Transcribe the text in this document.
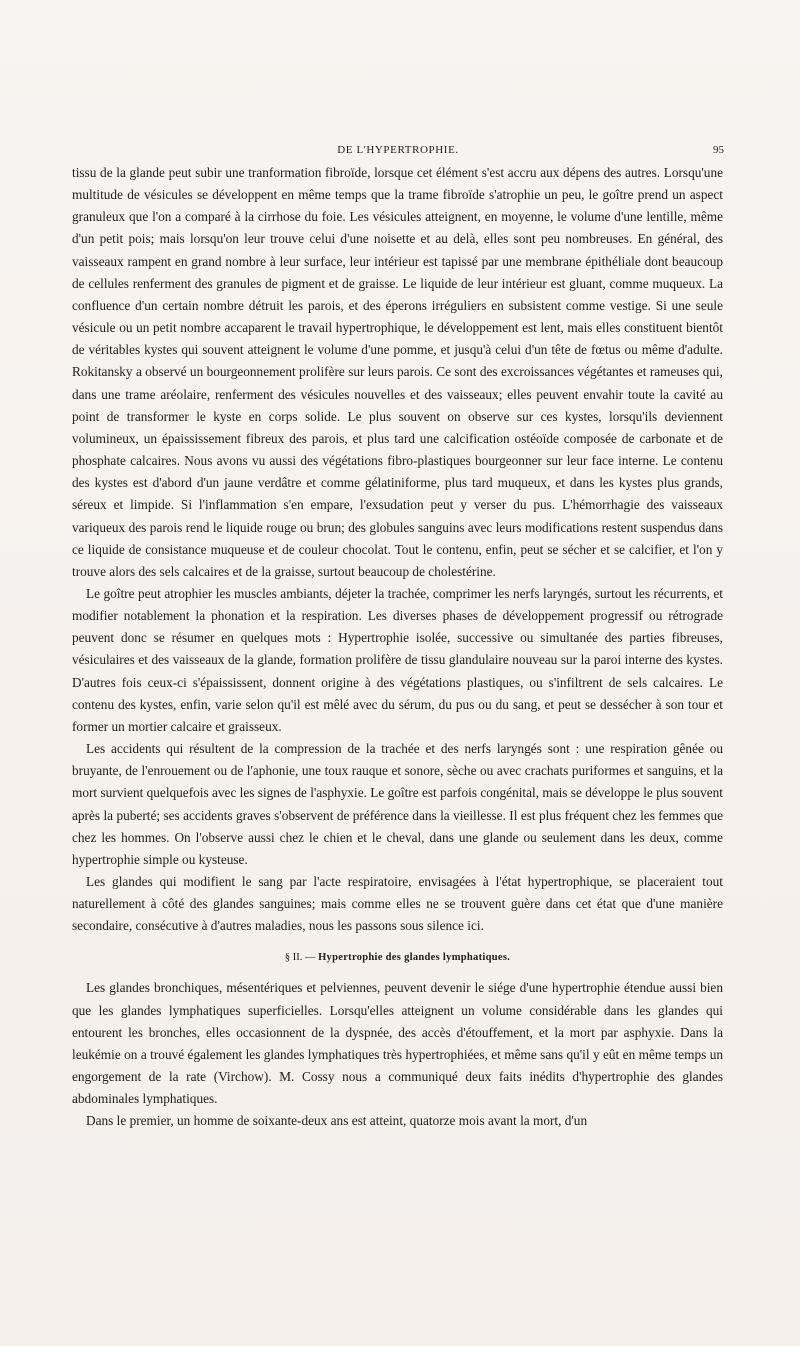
DE L'HYPERTROPHIE.	95

tissu de la glande peut subir une tranformation fibroïde, lorsque cet élément s'est accru aux dépens des autres. Lorsqu'une multitude de vésicules se développent en même temps que la trame fibroïde s'atrophie un peu, le goître prend un aspect granuleux que l'on a comparé à la cirrhose du foie. Les vésicules atteignent, en moyenne, le volume d'une lentille, même d'un petit pois; mais lorsqu'on leur trouve celui d'une noisette et au delà, elles sont peu nombreuses. En général, des vaisseaux rampent en grand nombre à leur surface, leur intérieur est tapissé par une membrane épithéliale dont beaucoup de cellules renferment des granules de pigment et de graisse. Le liquide de leur intérieur est gluant, comme muqueux. La confluence d'un certain nombre détruit les parois, et des éperons irréguliers en subsistent comme vestige. Si une seule vésicule ou un petit nombre accaparent le travail hypertrophique, le développement est lent, mais elles constituent bientôt de véritables kystes qui souvent atteignent le volume d'une pomme, et jusqu'à celui d'un tête de fœtus ou même d'adulte. Rokitansky a observé un bourgeonnement prolifère sur leurs parois. Ce sont des excroissances végétantes et rameuses qui, dans une trame aréolaire, renferment des vésicules nouvelles et des vaisseaux; elles peuvent envahir toute la cavité au point de transformer le kyste en corps solide. Le plus souvent on observe sur ces kystes, lorsqu'ils deviennent volumineux, un épaississement fibreux des parois, et plus tard une calcification ostéoïde composée de carbonate et de phosphate calcaires. Nous avons vu aussi des végétations fibro-plastiques bourgeonner sur leur face interne. Le contenu des kystes est d'abord d'un jaune verdâtre et comme gélatiniforme, plus tard muqueux, et dans les kystes plus grands, séreux et limpide. Si l'inflammation s'en empare, l'exsudation peut y verser du pus. L'hémorrhagie des vaisseaux variqueux des parois rend le liquide rouge ou brun; des globules sanguins avec leurs modifications restent suspendus dans ce liquide de consistance muqueuse et de couleur chocolat. Tout le contenu, enfin, peut se sécher et se calcifier, et l'on y trouve alors des sels calcaires et de la graisse, surtout beaucoup de cholestérine.

Le goître peut atrophier les muscles ambiants, déjeter la trachée, comprimer les nerfs laryngés, surtout les récurrents, et modifier notablement la phonation et la respiration. Les diverses phases de développement progressif ou rétrograde peuvent donc se résumer en quelques mots : Hypertrophie isolée, successive ou simultanée des parties fibreuses, vésiculaires et des vaisseaux de la glande, formation prolifère de tissu glandulaire nouveau sur la paroi interne des kystes. D'autres fois ceux-ci s'épaississent, donnent origine à des végétations plastiques, ou s'infiltrent de sels calcaires. Le contenu des kystes, enfin, varie selon qu'il est mêlé avec du sérum, du pus ou du sang, et peut se dessécher à son tour et former un mortier calcaire et graisseux.

Les accidents qui résultent de la compression de la trachée et des nerfs laryngés sont : une respiration gênée ou bruyante, de l'enrouement ou de l'aphonie, une toux rauque et sonore, sèche ou avec crachats puriformes et sanguins, et la mort survient quelquefois avec les signes de l'asphyxie. Le goître est parfois congénital, mais se développe le plus souvent après la puberté; ses accidents graves s'observent de préférence dans la vieillesse. Il est plus fréquent chez les femmes que chez les hommes. On l'observe aussi chez le chien et le cheval, dans une glande ou seulement dans les deux, comme hypertrophie simple ou kysteuse.

Les glandes qui modifient le sang par l'acte respiratoire, envisagées à l'état hypertrophique, se placeraient tout naturellement à côté des glandes sanguines; mais comme elles ne se trouvent guère dans cet état que d'une manière secondaire, consécutive à d'autres maladies, nous les passons sous silence ici.

§ II. — Hypertrophie des glandes lymphatiques.

Les glandes bronchiques, mésentériques et pelviennes, peuvent devenir le siége d'une hypertrophie étendue aussi bien que les glandes lymphatiques superficielles. Lorsqu'elles atteignent un volume considérable dans les glandes qui entourent les bronches, elles occasionnent de la dyspnée, des accès d'étouffement, et la mort par asphyxie. Dans la leukémie on a trouvé également les glandes lymphatiques très hypertrophiées, et même sans qu'il y eût en même temps un engorgement de la rate (Virchow). M. Cossy nous a communiqué deux faits inédits d'hypertrophie des glandes abdominales lymphatiques.

Dans le premier, un homme de soixante-deux ans est atteint, quatorze mois avant la mort, d'un
